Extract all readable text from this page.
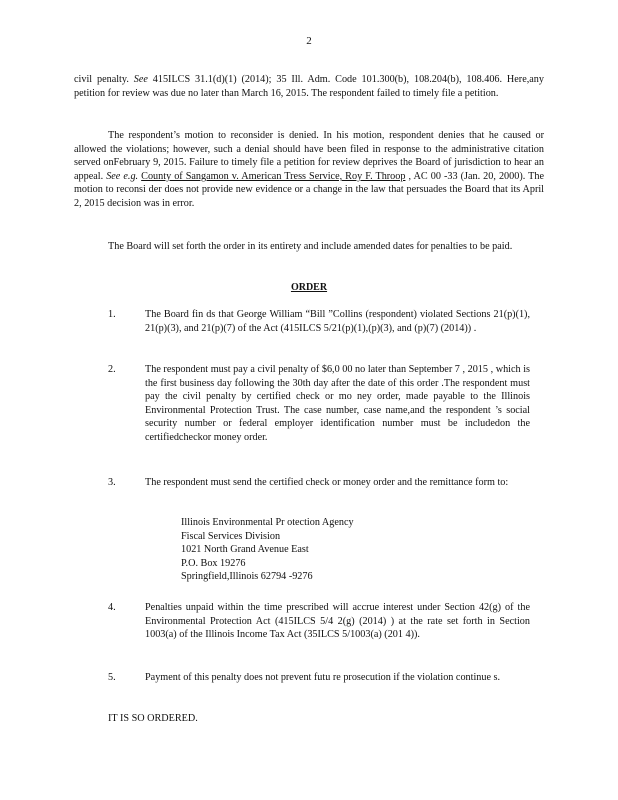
2
civil penalty. See 415ILCS 31.1(d)(1) (2014); 35 Ill. Adm. Code 101.300(b), 108.204(b), 108.406. Here,any petition for review was due no later than March 16, 2015. The respondent failed to timely file a petition.
The respondent’s motion to reconsider is denied. In his motion, respondent denies that he caused or allowed the violations; however, such a denial should have been filed in response to the administrative citation served onFebruary 9, 2015. Failure to timely file a petition for review deprives the Board of jurisdiction to hear an appeal. See e.g. County of Sangamon v. American Tress Service, Roy F. Throop , AC 00 -33 (Jan. 20, 2000). The motion to reconsi der does not provide new evidence or a change in the law that persuades the Board that its April 2, 2015 decision was in error.
The Board will set forth the order in its entirety and include amended dates for penalties to be paid.
ORDER
1.	The Board fin ds that George William “Bill ”Collins (respondent) violated Sections 21(p)(1), 21(p)(3), and 21(p)(7) of the Act (415ILCS 5/21(p)(1),(p)(3), and (p)(7) (2014)) .
2.	The respondent must pay a civil penalty of $6,0 00 no later than September 7 , 2015 , which is the first business day following the 30th day after the date of this order .The respondent must pay the civil penalty by certified check or mo ney order, made payable to the Illinois Environmental Protection Trust. The case number, case name,and the respondent ’s social security number or federal employer identification number must be includedon the certifiedcheckor money order.
3.	The respondent must send the certified check or money order and the remittance form to:
Illinois Environmental Pr otection Agency
Fiscal Services Division
1021 North Grand Avenue East
P.O. Box 19276
Springfield,Illinois 62794 -9276
4.	Penalties unpaid within the time prescribed will accrue interest under Section 42(g) of the Environmental Protection Act (415ILCS 5/4 2(g) (2014) ) at the rate set forth in Section 1003(a) of the Illinois Income Tax Act (35ILCS 5/1003(a) (201 4)).
5.	Payment of this penalty does not prevent futu re prosecution if the violation continue s.
IT IS SO ORDERED.
